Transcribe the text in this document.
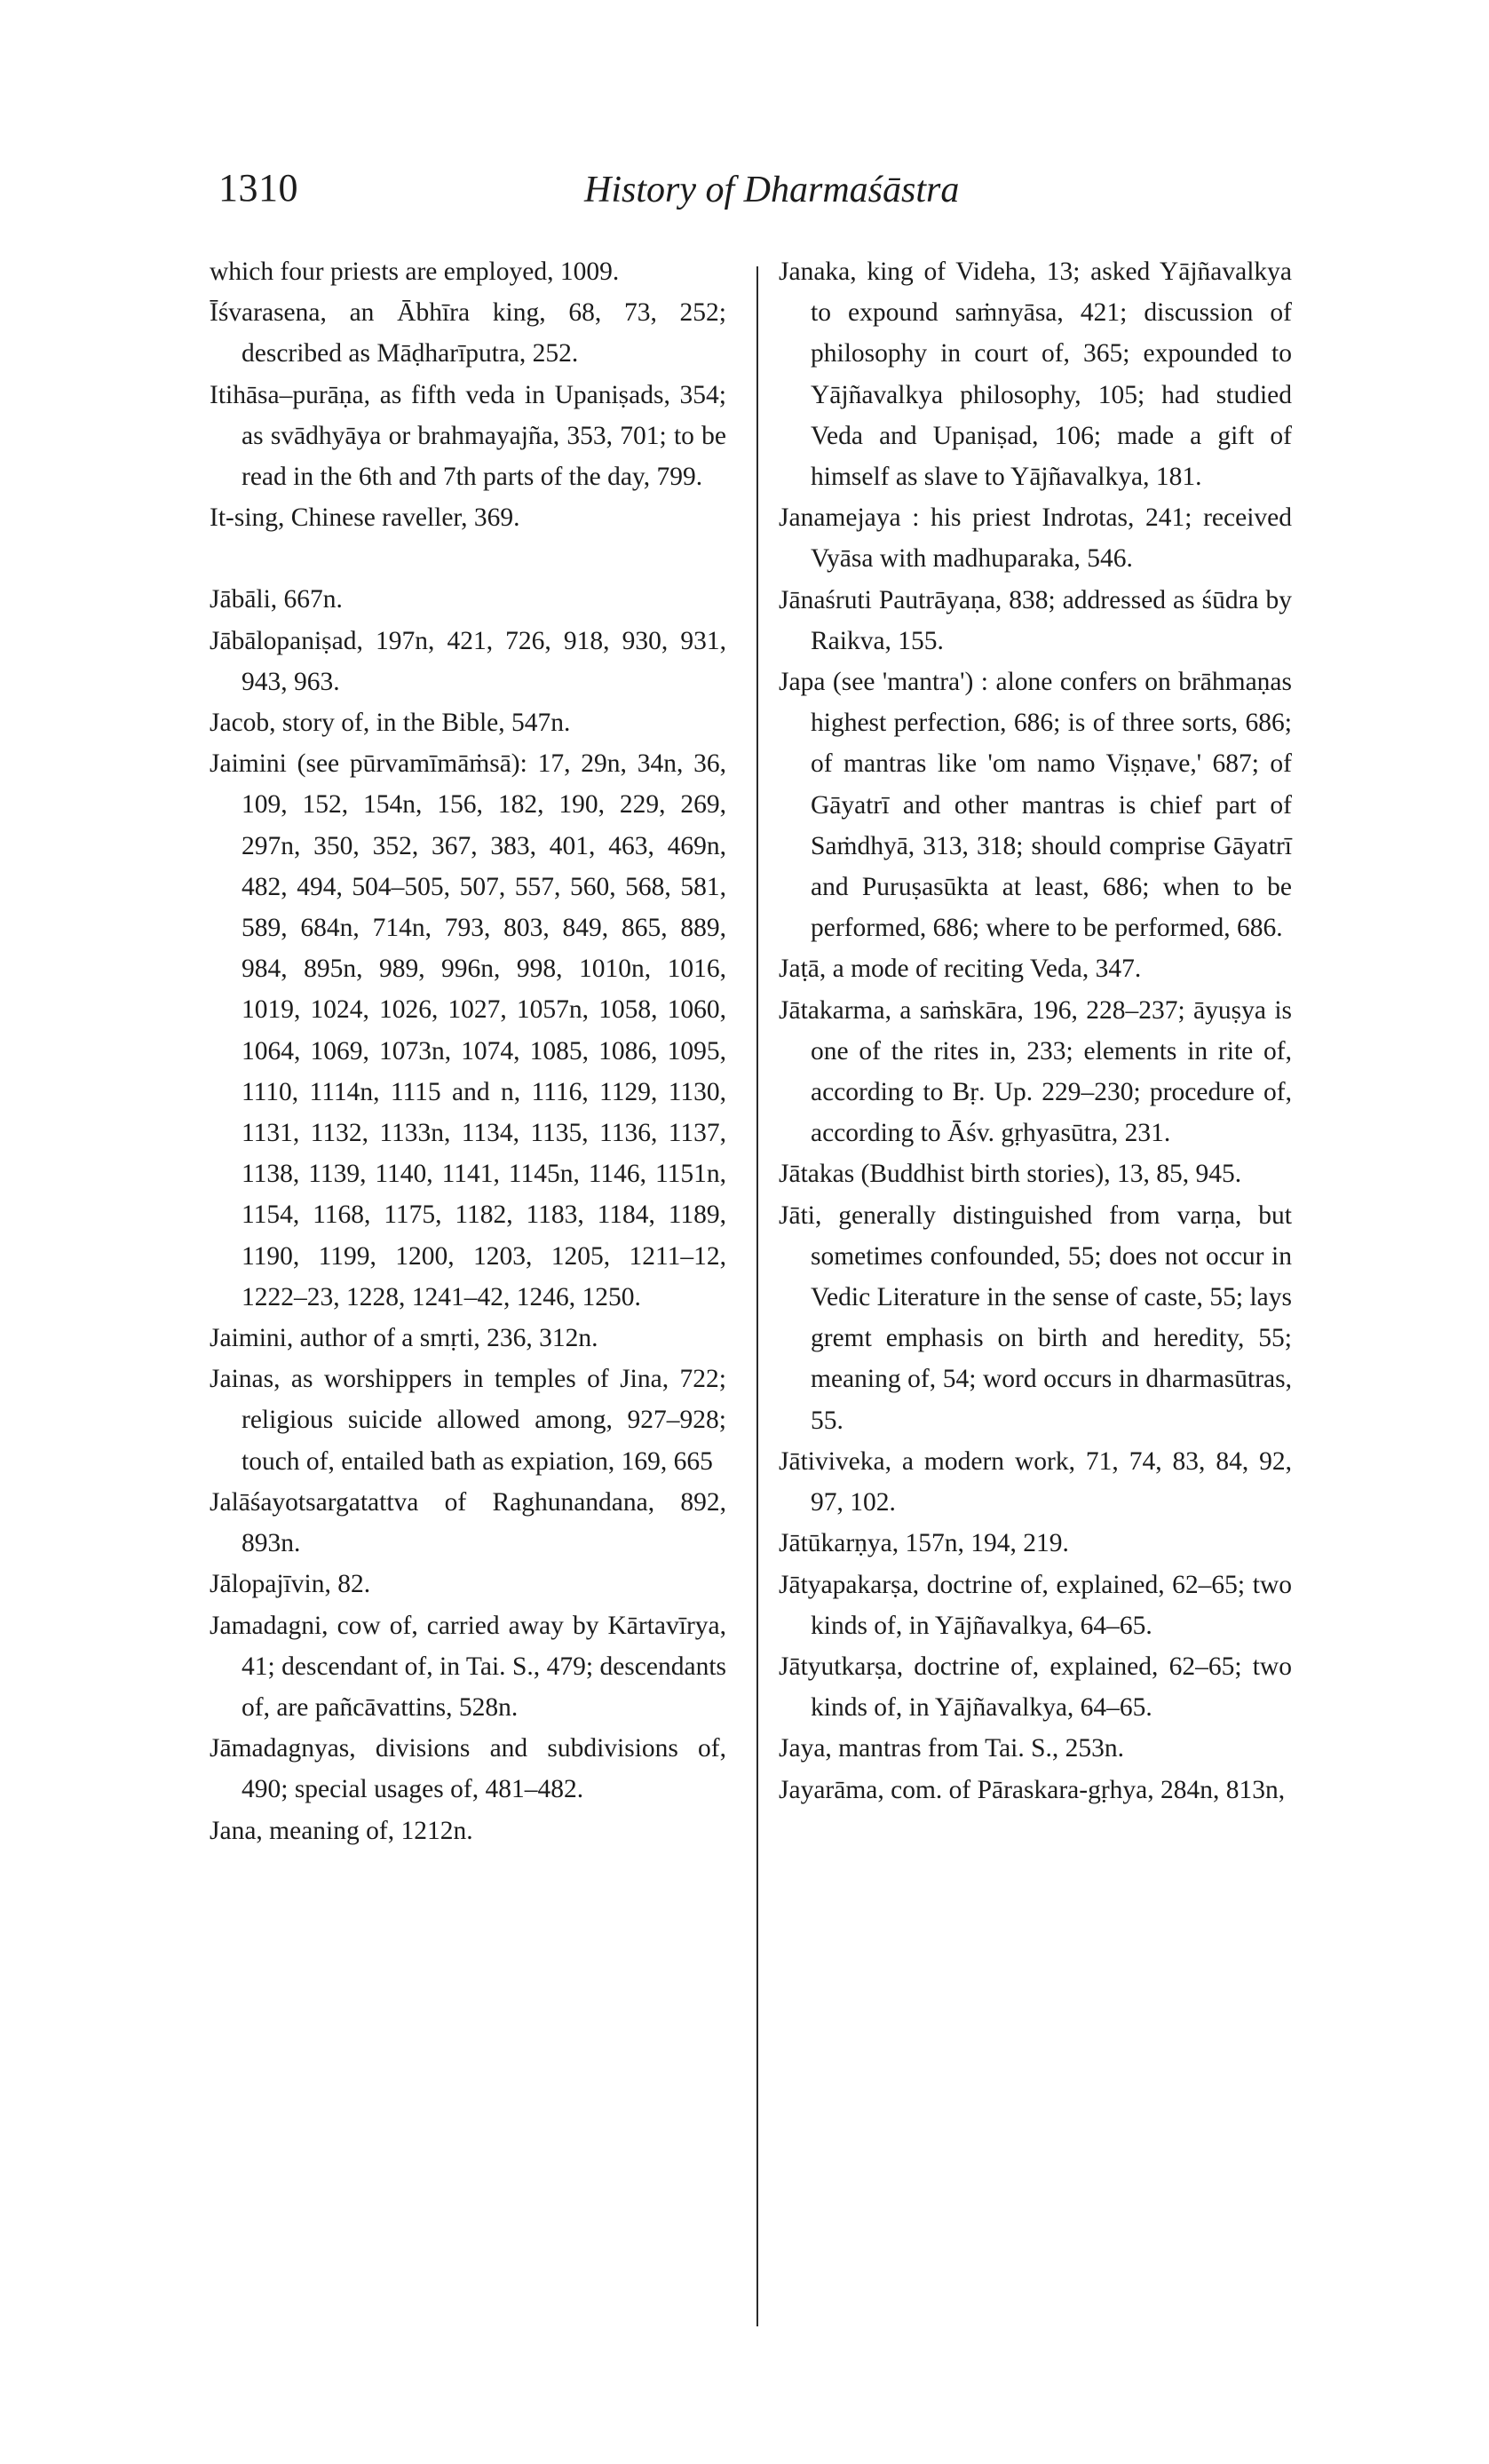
1310	History of Dharmaśāstra

which four priests are employed, 1009.

Īśvarasena, an Ābhīra king, 68, 73, 252; described as Māḍharīputra, 252.

Itihāsa–purāṇa, as fifth veda in Upaniṣads, 354; as svādhyāya or brahmayajña, 353, 701; to be read in the 6th and 7th parts of the day, 799.

It-sing, Chinese raveller, 369.

Jābāli, 667n.

Jābālopaniṣad, 197n, 421, 726, 918, 930, 931, 943, 963.

Jacob, story of, in the Bible, 547n.

Jaimini (see pūrvamīmāṁsā): 17, 29n, 34n, 36, 109, 152, 154n, 156, 182, 190, 229, 269, 297n, 350, 352, 367, 383, 401, 463, 469n, 482, 494, 504–505, 507, 557, 560, 568, 581, 589, 684n, 714n, 793, 803, 849, 865, 889, 984, 895n, 989, 996n, 998, 1010n, 1016, 1019, 1024, 1026, 1027, 1057n, 1058, 1060, 1064, 1069, 1073n, 1074, 1085, 1086, 1095, 1110, 1114n, 1115 and n, 1116, 1129, 1130, 1131, 1132, 1133n, 1134, 1135, 1136, 1137, 1138, 1139, 1140, 1141, 1145n, 1146, 1151n, 1154, 1168, 1175, 1182, 1183, 1184, 1189, 1190, 1199, 1200, 1203, 1205, 1211–12, 1222–23, 1228, 1241–42, 1246, 1250.

Jaimini, author of a smṛti, 236, 312n.

Jainas, as worshippers in temples of Jina, 722; religious suicide allowed among, 927–928; touch of, entailed bath as expiation, 169, 665

Jalāśayotsargatattva of Raghunandana, 892, 893n.

Jālopajīvin, 82.

Jamadagni, cow of, carried away by Kārtavīrya, 41; descendant of, in Tai. S., 479; descendants of, are pañcāvattins, 528n.

Jāmadagnyas, divisions and subdivisions of, 490; special usages of, 481–482.

Jana, meaning of, 1212n.

Janaka, king of Videha, 13; asked Yājñavalkya to expound saṁnyāsa, 421; discussion of philosophy in court of, 365; expounded to Yājñavalkya philosophy, 105; had studied Veda and Upaniṣad, 106; made a gift of himself as slave to Yājñavalkya, 181.

Janamejaya : his priest Indrotas, 241; received Vyāsa with madhuparaka, 546.

Jānaśruti Pautrāyaṇa, 838; addressed as śūdra by Raikva, 155.

Japa (see 'mantra') : alone confers on brāhmaṇas highest perfection, 686; is of three sorts, 686; of mantras like 'om namo Viṣṇave,' 687; of Gāyatrī and other mantras is chief part of Saṁdhyā, 313, 318; should comprise Gāyatrī and Puruṣasūkta at least, 686; when to be performed, 686; where to be performed, 686.

Jaṭā, a mode of reciting Veda, 347.

Jātakarma, a saṁskāra, 196, 228–237; āyuṣya is one of the rites in, 233; elements in rite of, according to Bṛ. Up. 229–230; procedure of, according to Āśv. gṛhyasūtra, 231.

Jātakas (Buddhist birth stories), 13, 85, 945.

Jāti, generally distinguished from varṇa, but sometimes confounded, 55; does not occur in Vedic Literature in the sense of caste, 55; lays gremt emphasis on birth and heredity, 55; meaning of, 54; word occurs in dharmasūtras, 55.

Jātiviveka, a modern work, 71, 74, 83, 84, 92, 97, 102.

Jātūkarṇya, 157n, 194, 219.

Jātyapakarṣa, doctrine of, explained, 62–65; two kinds of, in Yājñavalkya, 64–65.

Jātyutkarṣa, doctrine of, explained, 62–65; two kinds of, in Yājñavalkya, 64–65.

Jaya, mantras from Tai. S., 253n.

Jayarāma, com. of Pāraskara-gṛhya, 284n, 813n,
